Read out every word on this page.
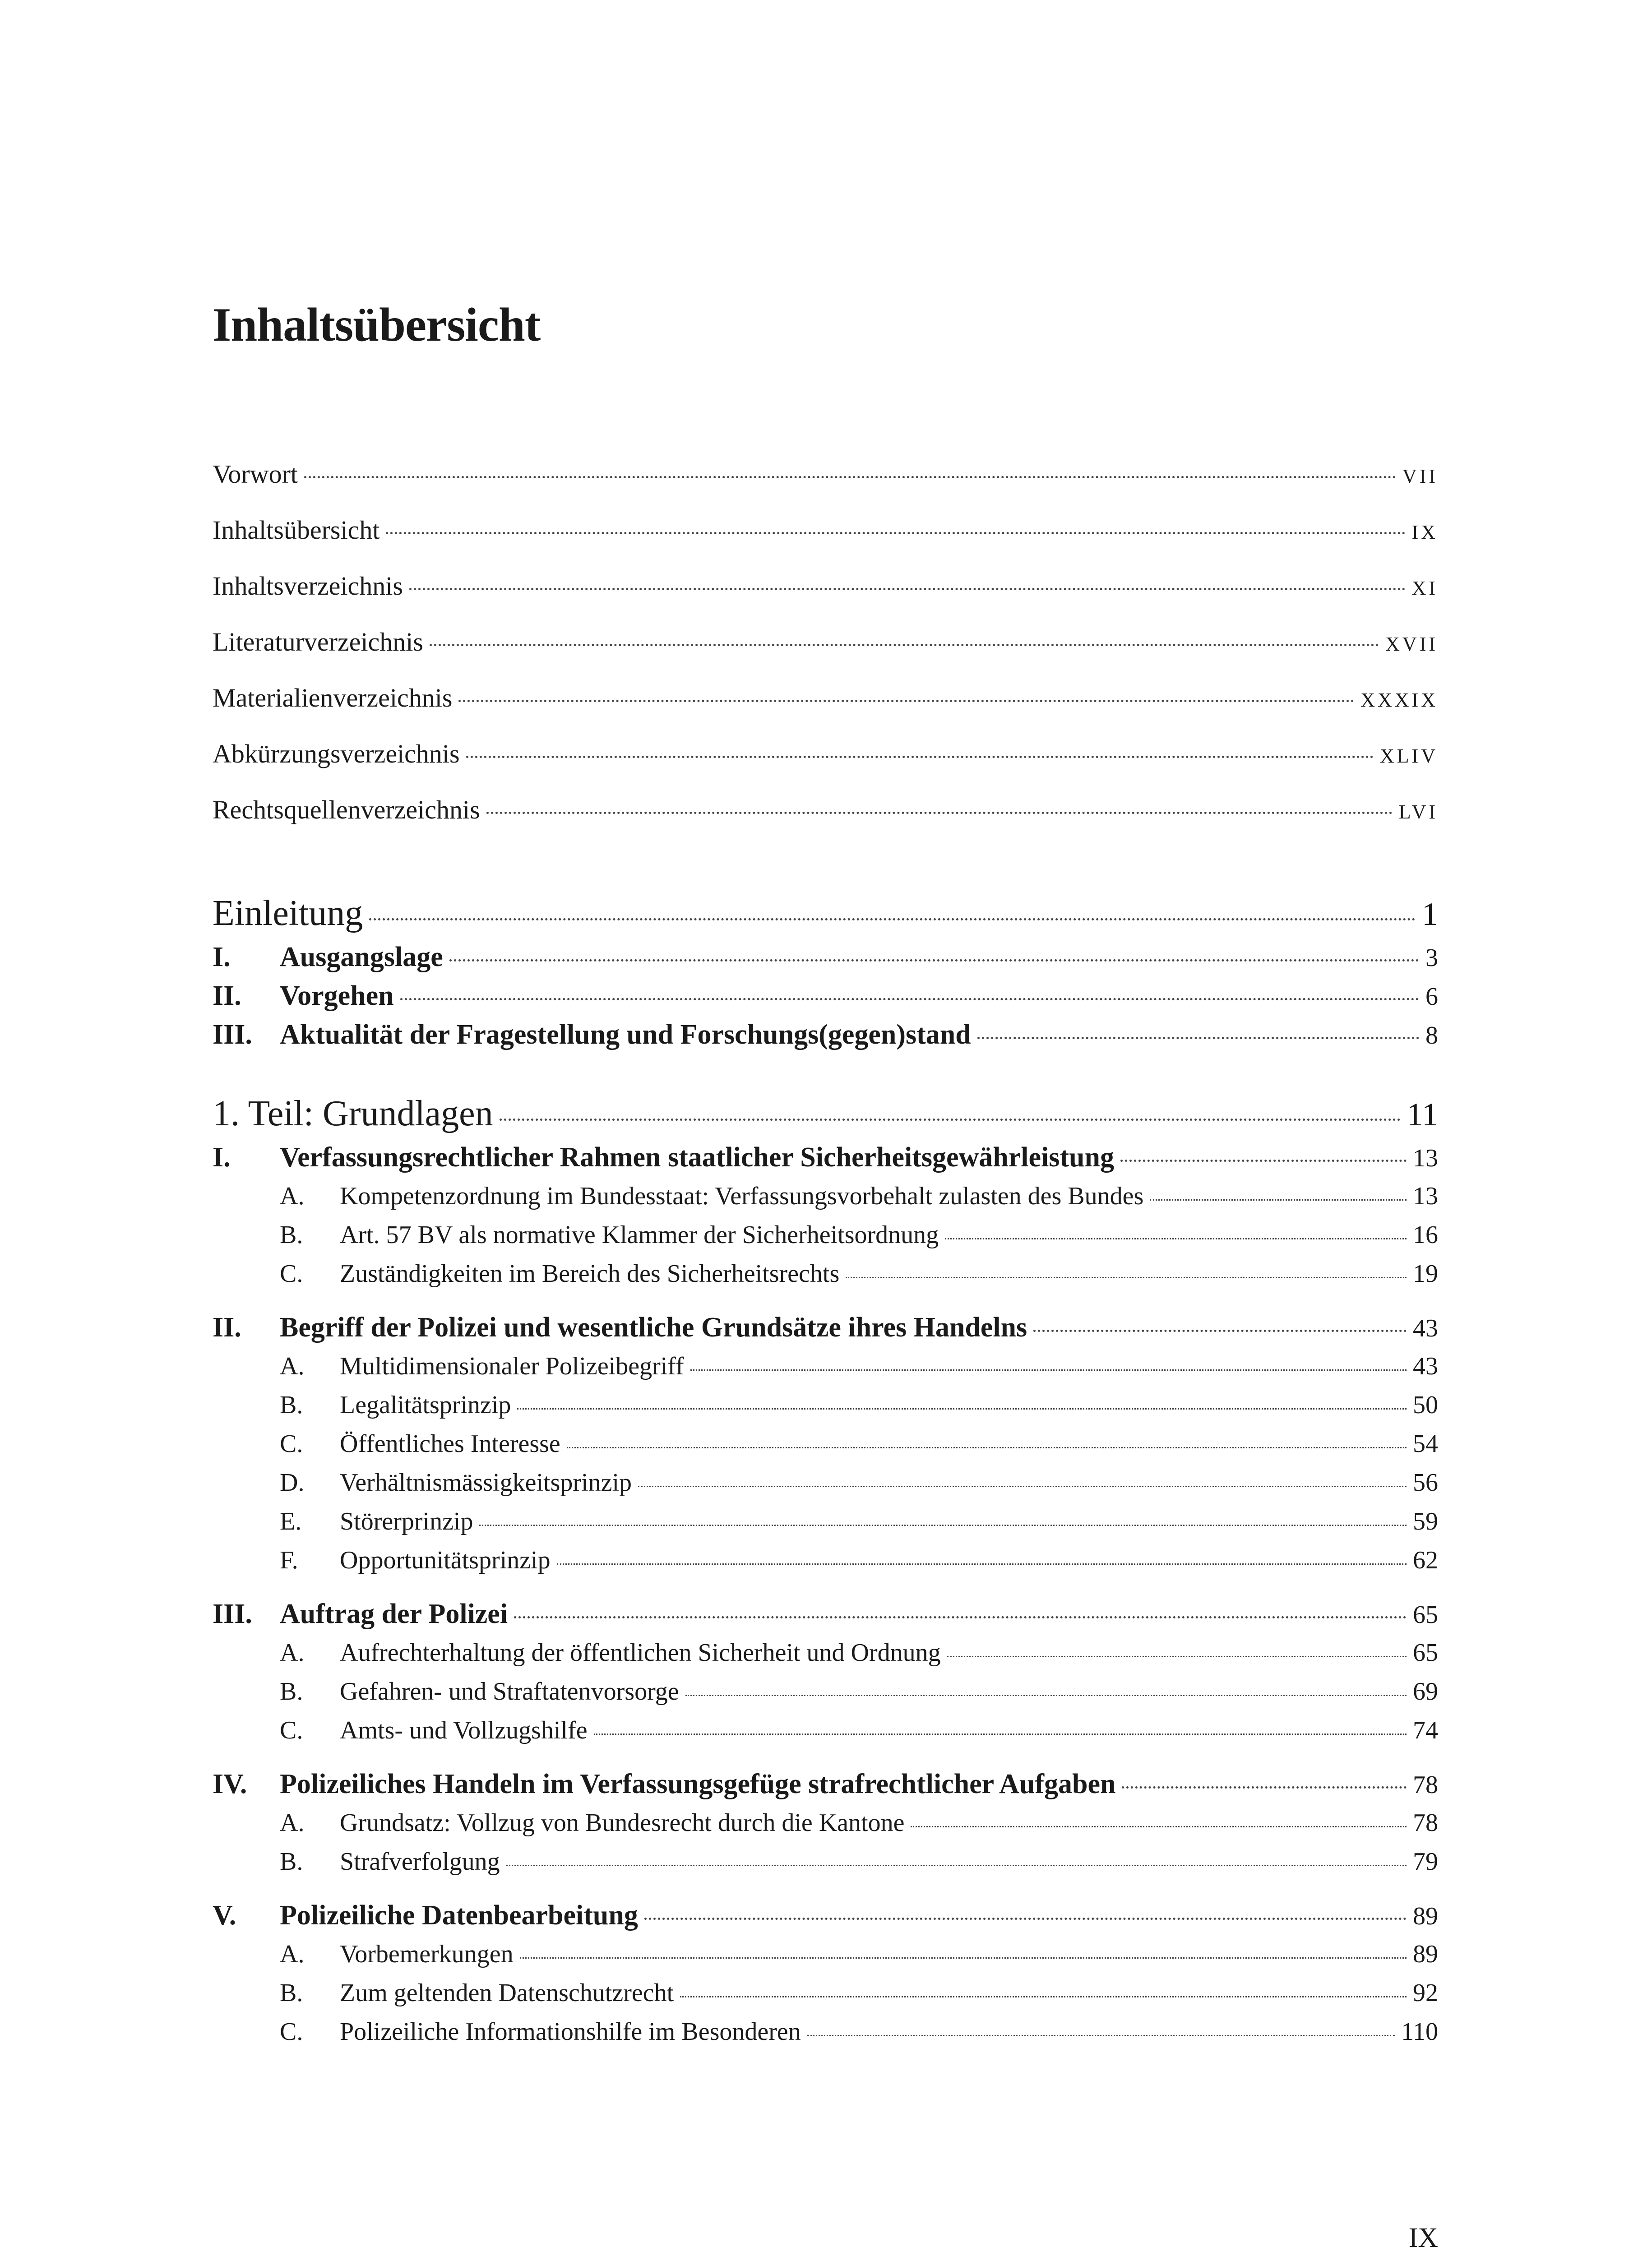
Inhaltsübersicht
Vorwort	VII
Inhaltsübersicht	IX
Inhaltsverzeichnis	XI
Literaturverzeichnis	XVII
Materialienverzeichnis	XXXIX
Abkürzungsverzeichnis	XLIV
Rechtsquellenverzeichnis	LVI
Einleitung	1
I.	Ausgangslage	3
II.	Vorgehen	6
III. Aktualität der Fragestellung und Forschungs(gegen)stand	8
1. Teil: Grundlagen	11
I.	Verfassungsrechtlicher Rahmen staatlicher Sicherheitsgewährleistung	13
A.	Kompetenzordnung im Bundesstaat: Verfassungsvorbehalt zulasten des Bundes	13
B.	Art. 57 BV als normative Klammer der Sicherheitsordnung	16
C.	Zuständigkeiten im Bereich des Sicherheitsrechts	19
II.	Begriff der Polizei und wesentliche Grundsätze ihres Handelns	43
A.	Multidimensionaler Polizeibegriff	43
B.	Legalitätsprinzip	50
C.	Öffentliches Interesse	54
D.	Verhältnismässigkeitsprinzip	56
E.	Störerprinzip	59
F.	Opportunitätsprinzip	62
III. Auftrag der Polizei	65
A.	Aufrechterhaltung der öffentlichen Sicherheit und Ordnung	65
B.	Gefahren- und Straftatenvorsorge	69
C.	Amts- und Vollzugshilfe	74
IV.	Polizeiliches Handeln im Verfassungsgefüge strafrechtlicher Aufgaben	78
A.	Grundsatz: Vollzug von Bundesrecht durch die Kantone	78
B.	Strafverfolgung	79
V.	Polizeiliche Datenbearbeitung	89
A.	Vorbemerkungen	89
B.	Zum geltenden Datenschutzrecht	92
C.	Polizeiliche Informationshilfe im Besonderen	110
IX
